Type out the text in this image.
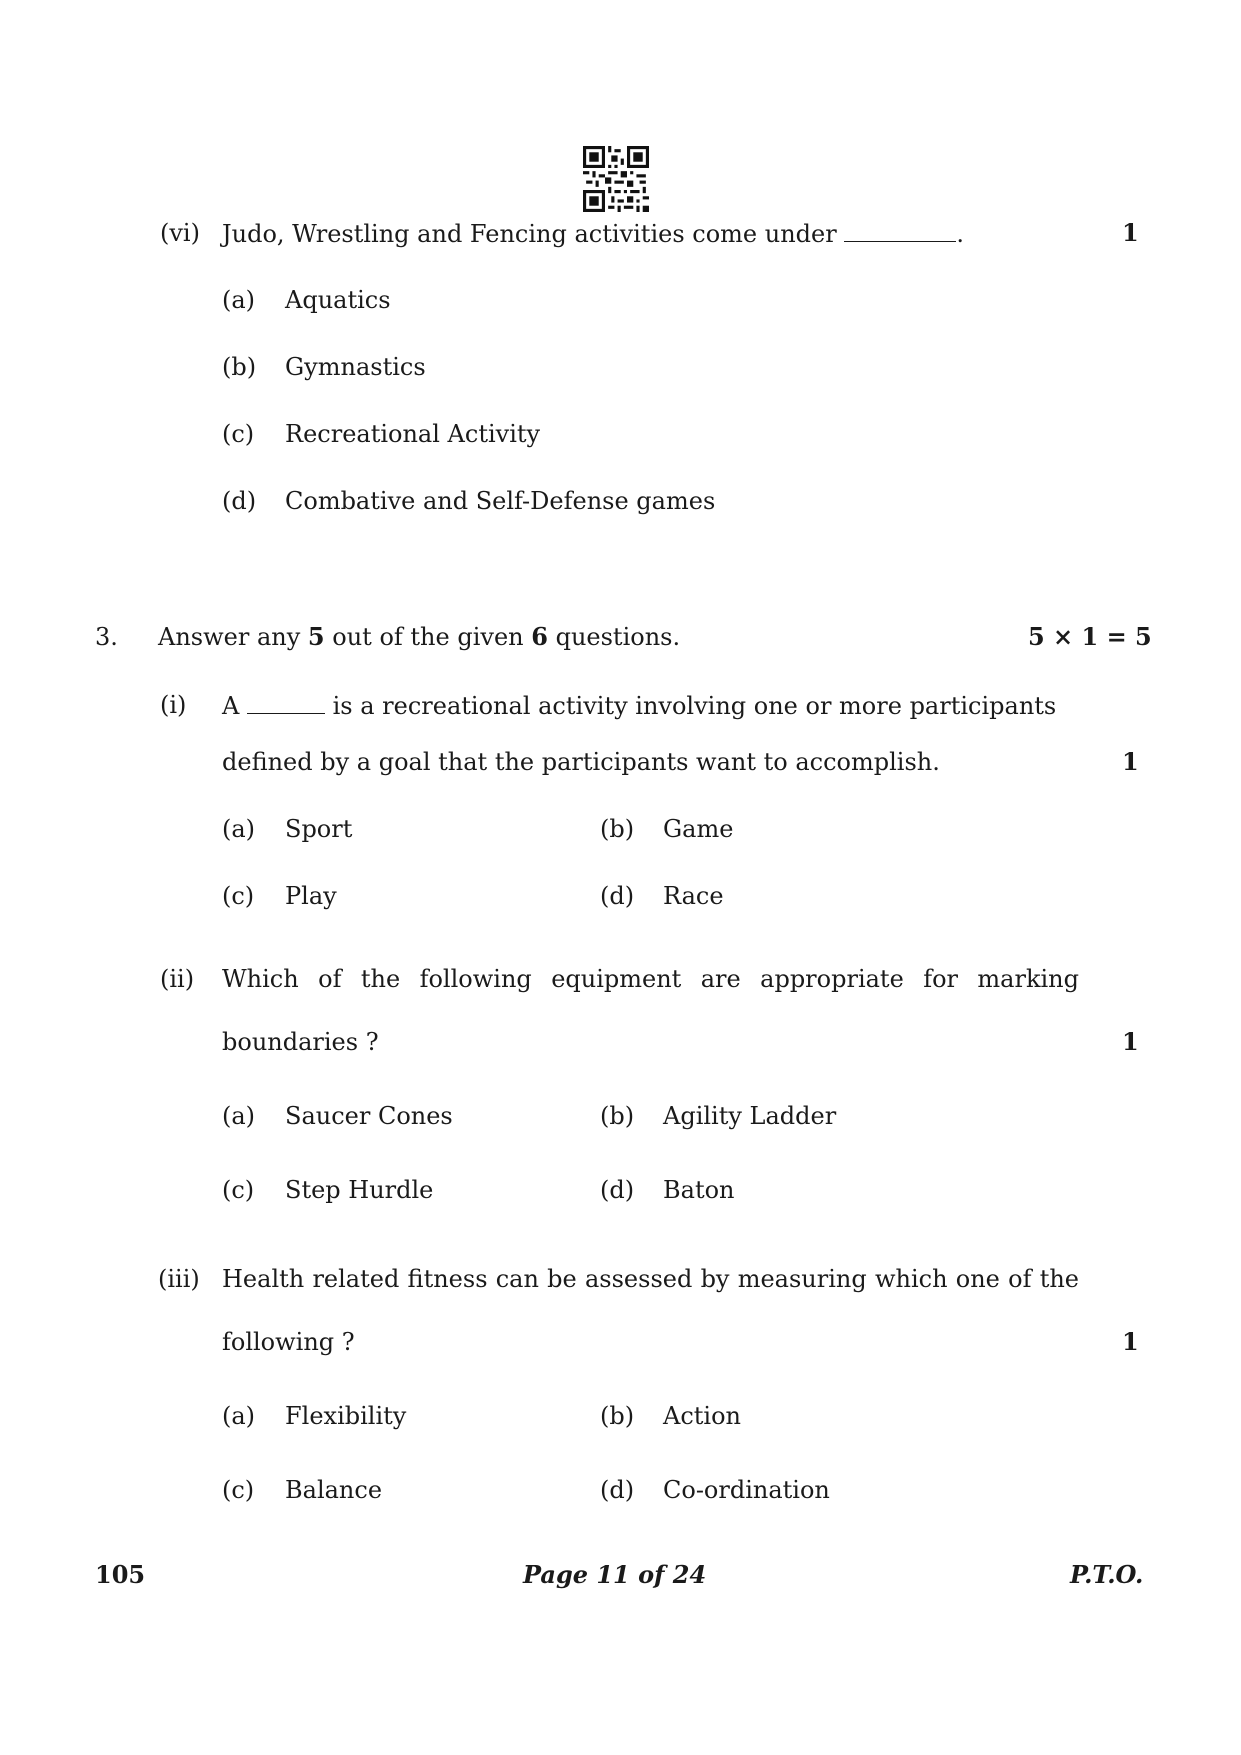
(vi) Judo, Wrestling and Fencing activities come under	.	1
(a) Aquatics
(b) Gymnastics
(c) Recreational Activity
(d) Combative and Self-Defense games
3. Answer any 5 out of the given 6 questions.	5 × 1 = 5
(i) A	is a recreational activity involving one or more participants
defined by a goal that the participants want to accomplish.	1
(a) Sport	(b) Game
(c) Play	(d) Race
(ii) Which of the following equipment are appropriate for marking
boundaries ?	1
(a) Saucer Cones	(b) Agility Ladder
(c) Step Hurdle	(d) Baton
(iii) Health related fitness can be assessed by measuring which one of the
following ?	1
(a) Flexibility	(b) Action
(c) Balance	(d) Co-ordination
105	Page 11 of 24	P.T.O.
